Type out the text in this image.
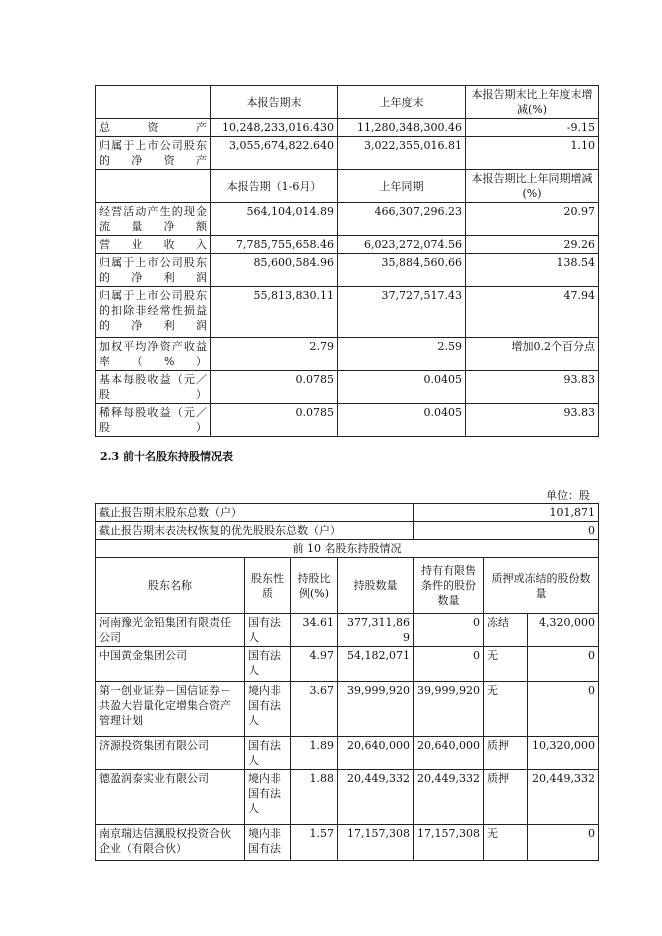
	本报告期末	上年度末	本报告期末比上年度末增减(%)
总资产	10,248,233,016.430	11,280,348,300.46	-9.15
归属于上市公司股东的净资产	3,055,674,822.640	3,022,355,016.81	1.10
	本报告期（1-6月）	上年同期	本报告期比上年同期增减(%)
经营活动产生的现金流量净额	564,104,014.89	466,307,296.23	20.97
营业收入	7,785,755,658.46	6,023,272,074.56	29.26
归属于上市公司股东的净利润	85,600,584.96	35,884,560.66	138.54
归属于上市公司股东的扣除非经常性损益的净利润	55,813,830.11	37,727,517.43	47.94
加权平均净资产收益率（%）	2.79	2.59	增加0.2个百分点
基本每股收益（元／股）	0.0785	0.0405	93.83
稀释每股收益（元／股）	0.0785	0.0405	93.83
2.3 前十名股东持股情况表
单位：股
截止报告期末股东总数（户）				101,871		
截止报告期末表决权恢复的优先股股东总数（户）				0		
前 10 名股东持股情况						
股东名称	股东性质	持股比例(%)	持股数量	持有有限售条件的股份数量	质押或冻结的股份数量	
河南豫光金铅集团有限责任公司	国有法人	34.61	377,311,869	0	冻结	4,320,000
中国黄金集团公司	国有法人	4.97	54,182,071	0	无	0
第一创业证券－国信证券－共盈大岩量化定增集合资产管理计划	境内非国有法人	3.67	39,999,920	39,999,920	无	0
济源投资集团有限公司	国有法人	1.89	20,640,000	20,640,000	质押	10,320,000
德盈润泰实业有限公司	境内非国有法人	1.88	20,449,332	20,449,332	质押	20,449,332
南京瑞达信渢股权投资合伙企业（有限合伙）	境内非国有法	1.57	17,157,308	17,157,308	无	0
